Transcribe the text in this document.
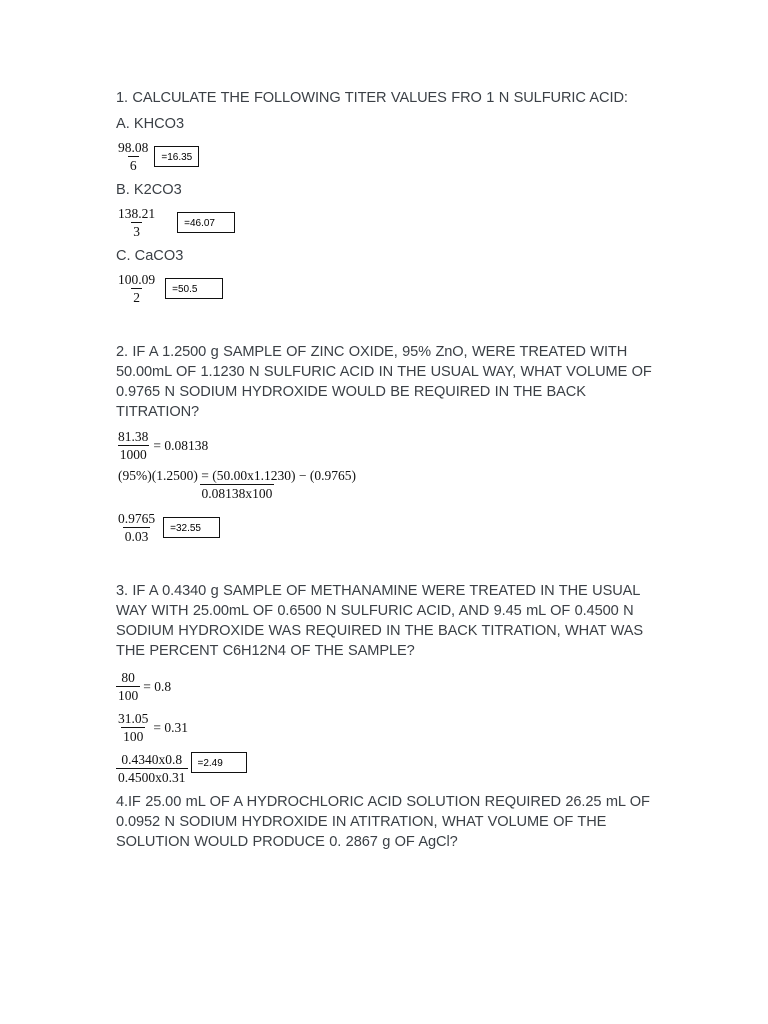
1. CALCULATE THE FOLLOWING TITER VALUES FRO 1 N SULFURIC ACID:

A. KHCO3

$\frac{98.08}{6}$	=16.35

B. K2CO3

$\frac{138.21}{3}$	=46.07

C. CaCO3

$\frac{100.09}{2}$	=50.5

2. IF A 1.2500 g SAMPLE OF ZINC OXIDE, 95% ZnO, WERE TREATED WITH

50.00mL OF 1.1230 N SULFURIC ACID IN THE USUAL WAY, WHAT VOLUME OF

0.9765 N SODIUM HYDROXIDE WOULD BE REQUIRED IN THE BACK

TITRATION?

$\frac{81.38}{1000} = 0.08138$
$\frac{(95\%)(1.2500) = (50.00x1.1230) - (0.9765)}{0.08138x100}$
$\frac{0.9765}{0.03}$	=32.55

3. IF A 0.4340 g SAMPLE OF METHANAMINE WERE TREATED IN THE USUAL

WAY WITH 25.00mL OF 0.6500 N SULFURIC ACID, AND 9.45 mL OF 0.4500 N

SODIUM HYDROXIDE WAS REQUIRED IN THE BACK TITRATION, WHAT WAS

THE PERCENT C6H12N4 OF THE SAMPLE?

$\frac{80}{100} = 0.8$
$\frac{31.05}{100} = 0.31$
$\frac{0.4340x0.8}{0.4500x0.31}$	=2.49

4.IF 25.00 mL OF A HYDROCHLORIC ACID SOLUTION REQUIRED 26.25 mL OF

0.0952 N SODIUM HYDROXIDE IN ATITRATION, WHAT VOLUME OF THE

SOLUTION WOULD PRODUCE 0. 2867 g OF AgCl?
